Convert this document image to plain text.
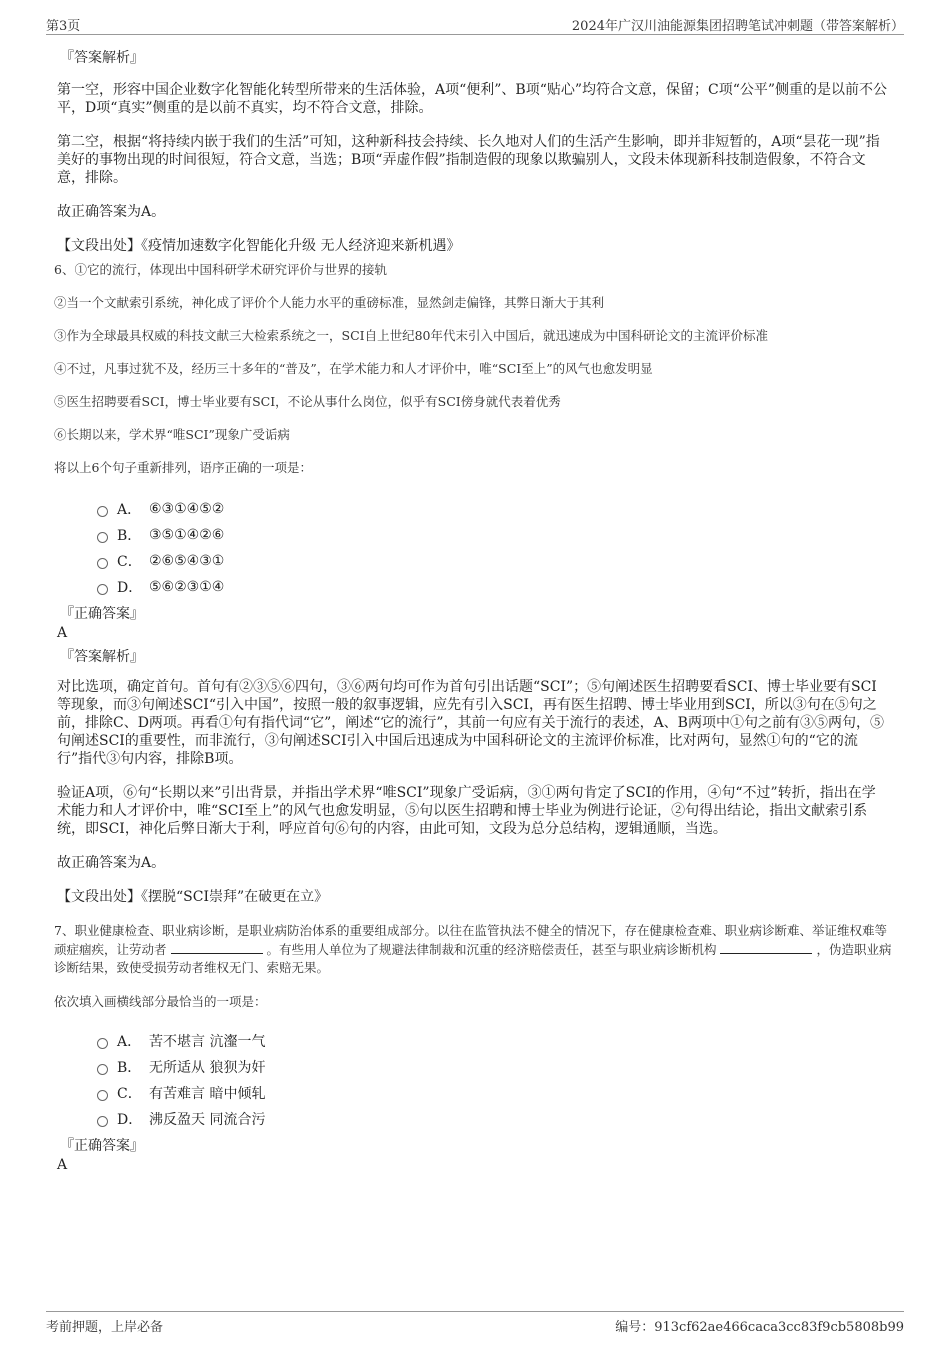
第3页	2024年广汉川油能源集团招聘笔试冲刺题（带答案解析）

『答案解析』

第一空，形容中国企业数字化智能化转型所带来的生活体验，A项“便利”、B项“贴心”均符合文意，保留；C项“公平”侧重的是以前不公平，D项“真实”侧重的是以前不真实，均不符合文意，排除。

第二空，根据“将持续内嵌于我们的生活”可知，这种新科技会持续、长久地对人们的生活产生影响，即并非短暂的，A项“昙花一现”指美好的事物出现的时间很短，符合文意，当选；B项“弄虚作假”指制造假的现象以欺骗别人，文段未体现新科技制造假象，不符合文意，排除。

故正确答案为A。

【文段出处】《疫情加速数字化智能化升级 无人经济迎来新机遇》

6、①它的流行，体现出中国科研学术研究评价与世界的接轨

②当一个文献索引系统，神化成了评价个人能力水平的重磅标准，显然剑走偏锋，其弊日渐大于其利

③作为全球最具权威的科技文献三大检索系统之一，SCI自上世纪80年代末引入中国后，就迅速成为中国科研论文的主流评价标准

④不过，凡事过犹不及，经历三十多年的“普及”，在学术能力和人才评价中，唯“SCI至上”的风气也愈发明显

⑤医生招聘要看SCI，博士毕业要有SCI，不论从事什么岗位，似乎有SCI傍身就代表着优秀

⑥长期以来，学术界“唯SCI”现象广受诟病

将以上6个句子重新排列，语序正确的一项是：

A． ⑥③①④⑤②
B． ③⑤①④②⑥
C． ②⑥⑤④③①
D． ⑤⑥②③①④

『正确答案』

A

『答案解析』

对比选项，确定首句。首句有②③⑤⑥四句，③⑥两句均可作为首句引出话题“SCI”；⑤句阐述医生招聘要看SCI、博士毕业要有SCI等现象，而③句阐述SCI“引入中国”，按照一般的叙事逻辑，应先有引入SCI，再有医生招聘、博士毕业用到SCI，所以③句在⑤句之前，排除C、D两项。再看①句有指代词“它”，阐述“它的流行”，其前一句应有关于流行的表述，A、B两项中①句之前有③⑤两句，⑤句阐述SCI的重要性，而非流行，③句阐述SCI引入中国后迅速成为中国科研论文的主流评价标准，比对两句，显然①句的“它的流行”指代③句内容，排除B项。

验证A项，⑥句“长期以来”引出背景，并指出学术界“唯SCI”现象广受诟病，③①两句肯定了SCI的作用，④句“不过”转折，指出在学术能力和人才评价中，唯“SCI至上”的风气也愈发明显，⑤句以医生招聘和博士毕业为例进行论证，②句得出结论，指出文献索引系统，即SCI，神化后弊日渐大于利，呼应首句⑥句的内容，由此可知，文段为总分总结构，逻辑通顺，当选。

故正确答案为A。

【文段出处】《摆脱“SCI崇拜”在破更在立》

7、职业健康检查、职业病诊断，是职业病防治体系的重要组成部分。以往在监管执法不健全的情况下，存在健康检查难、职业病诊断难、举证维权难等顽症痼疾，让劳动者	。有些用人单位为了规避法律制裁和沉重的经济赔偿责任，甚至与职业病诊断机构	，伪造职业病诊断结果，致使受损劳动者维权无门、索赔无果。

依次填入画横线部分最恰当的一项是：

A． 苦不堪言 沆瀣一气
B． 无所适从 狼狈为奸
C． 有苦难言 暗中倾轧
D． 沸反盈天 同流合污

『正确答案』

A

考前押题，上岸必备	编号：913cf62ae466caca3cc83f9cb5808b99
